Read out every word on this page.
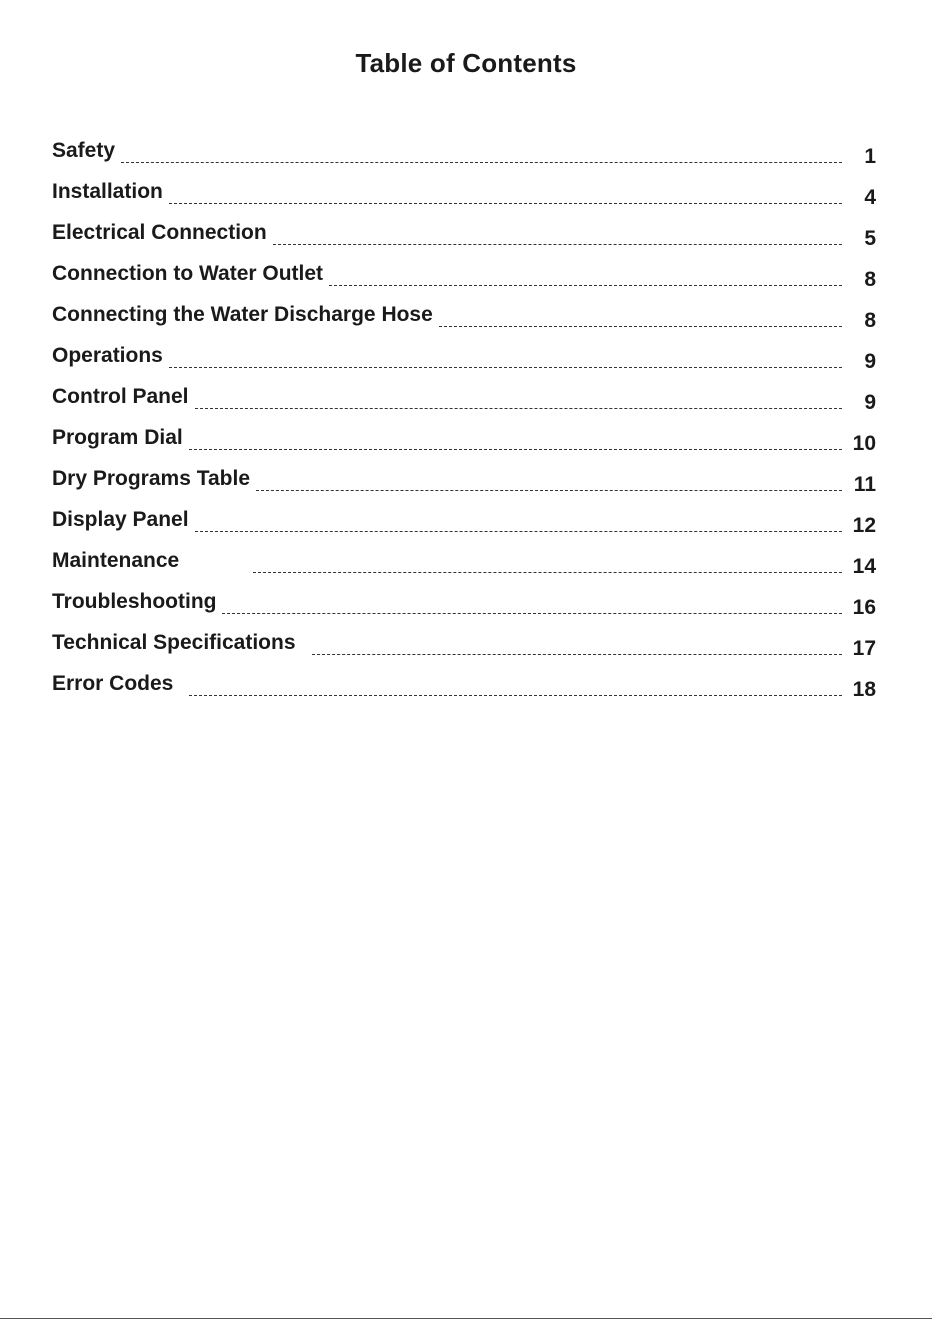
Table of Contents
Safety	1
Installation	4
Electrical Connection	5
Connection to Water Outlet	8
Connecting the Water Discharge Hose	8
Operations	9
Control Panel	9
Program Dial	10
Dry Programs Table	11
Display Panel	12
Maintenance	14
Troubleshooting	16
Technical Specifications	17
Error Codes	18
